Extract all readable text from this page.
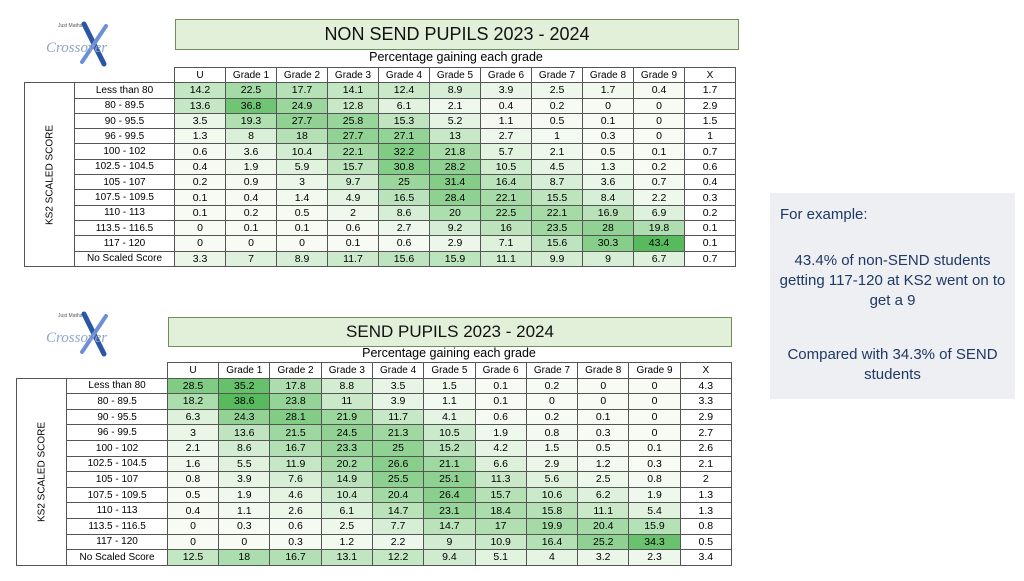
Just Maths
Crossover
Just Maths
Crossover
NON SEND PUPILS 2023 - 2024
Percentage gaining each grade
		U	Grade 1	Grade 2	Grade 3	Grade 4	Grade 5	Grade 6	Grade 7	Grade 8	Grade 9	X

KS2 SCALED SCORE	Less than 80	14.2	22.5	17.7	14.1	12.4	8.9	3.9	2.5	1.7	0.4	1.7
	80 - 89.5	13.6	36.8	24.9	12.8	6.1	2.1	0.4	0.2	0	0	2.9
	90 - 95.5	3.5	19.3	27.7	25.8	15.3	5.2	1.1	0.5	0.1	0	1.5
	96 - 99.5	1.3	8	18	27.7	27.1	13	2.7	1	0.3	0	1
	100 - 102	0.6	3.6	10.4	22.1	32.2	21.8	5.7	2.1	0.5	0.1	0.7
	102.5 - 104.5	0.4	1.9	5.9	15.7	30.8	28.2	10.5	4.5	1.3	0.2	0.6
	105 - 107	0.2	0.9	3	9.7	25	31.4	16.4	8.7	3.6	0.7	0.4
	107.5 - 109.5	0.1	0.4	1.4	4.9	16.5	28.4	22.1	15.5	8.4	2.2	0.3
	110 - 113	0.1	0.2	0.5	2	8.6	20	22.5	22.1	16.9	6.9	0.2
	113.5 - 116.5	0	0.1	0.1	0.6	2.7	9.2	16	23.5	28	19.8	0.1
	117 - 120	0	0	0	0.1	0.6	2.9	7.1	15.6	30.3	43.4	0.1
	No Scaled Score	3.3	7	8.9	11.7	15.6	15.9	11.1	9.9	9	6.7	0.7
SEND PUPILS 2023 - 2024
Percentage gaining each grade
		U	Grade 1	Grade 2	Grade 3	Grade 4	Grade 5	Grade 6	Grade 7	Grade 8	Grade 9	X

KS2 SCALED SCORE	Less than 80	28.5	35.2	17.8	8.8	3.5	1.5	0.1	0.2	0	0	4.3
	80 - 89.5	18.2	38.6	23.8	11	3.9	1.1	0.1	0	0	0	3.3
	90 - 95.5	6.3	24.3	28.1	21.9	11.7	4.1	0.6	0.2	0.1	0	2.9
	96 - 99.5	3	13.6	21.5	24.5	21.3	10.5	1.9	0.8	0.3	0	2.7
	100 - 102	2.1	8.6	16.7	23.3	25	15.2	4.2	1.5	0.5	0.1	2.6
	102.5 - 104.5	1.6	5.5	11.9	20.2	26.6	21.1	6.6	2.9	1.2	0.3	2.1
	105 - 107	0.8	3.9	7.6	14.9	25.5	25.1	11.3	5.6	2.5	0.8	2
	107.5 - 109.5	0.5	1.9	4.6	10.4	20.4	26.4	15.7	10.6	6.2	1.9	1.3
	110 - 113	0.4	1.1	2.6	6.1	14.7	23.1	18.4	15.8	11.1	5.4	1.3
	113.5 - 116.5	0	0.3	0.6	2.5	7.7	14.7	17	19.9	20.4	15.9	0.8
	117 - 120	0	0	0.3	1.2	2.2	9	10.9	16.4	25.2	34.3	0.5
	No Scaled Score	12.5	18	16.7	13.1	12.2	9.4	5.1	4	3.2	2.3	3.4
For example:
43.4% of non-SEND students getting 117-120 at KS2 went on to get a 9
Compared with 34.3% of SEND students
